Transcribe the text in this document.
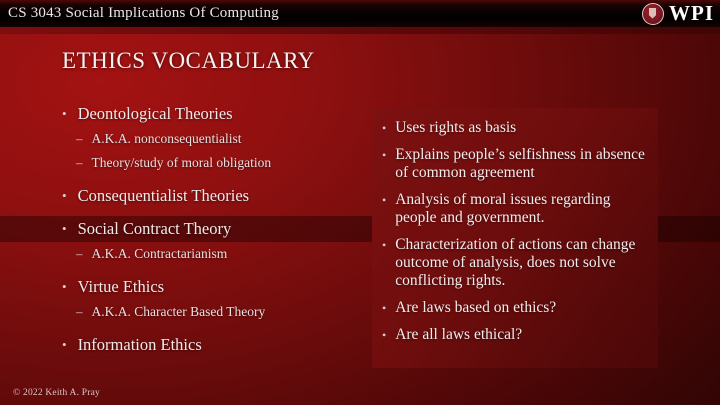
CS 3043 Social Implications Of Computing	WPI
ETHICS VOCABULARY
• Deontological Theories
– A.K.A. nonconsequentialist
– Theory/study of moral obligation
• Consequentialist Theories
• Social Contract Theory
– A.K.A. Contractarianism
• Virtue Ethics
– A.K.A. Character Based Theory
• Information Ethics
• Uses rights as basis
• Explains people’s selfishness in absence of common agreement
• Analysis of moral issues regarding people and government.
• Characterization of actions can change outcome of analysis, does not solve conflicting rights.
• Are laws based on ethics?
• Are all laws ethical?
© 2022 Keith A. Pray
